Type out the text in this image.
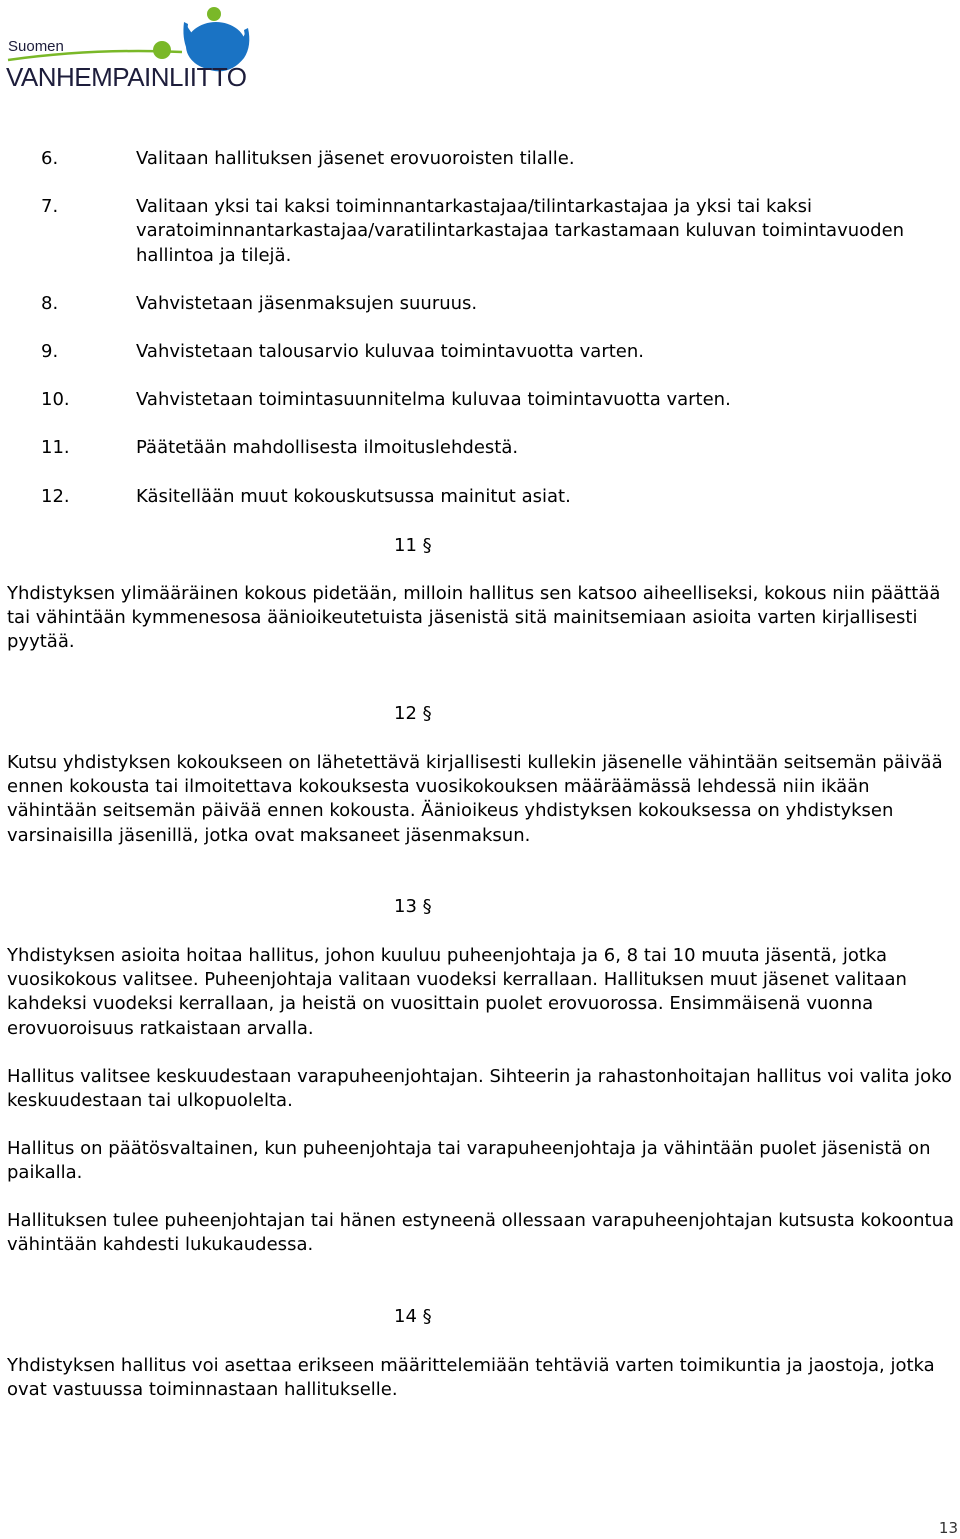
Suomen
VANHEMPAINLIITTO
6.	Valitaan hallituksen jäsenet erovuoroisten tilalle.
7.	Valitaan yksi tai kaksi toiminnantarkastajaa/tilintarkastajaa ja yksi tai kaksi varatoiminnantarkastajaa/varatilintarkastajaa tarkastamaan kuluvan toimintavuoden hallintoa ja tilejä.
8.	Vahvistetaan jäsenmaksujen suuruus.
9.	Vahvistetaan talousarvio kuluvaa toimintavuotta varten.
10.	Vahvistetaan toimintasuunnitelma kuluvaa toimintavuotta varten.
11.	Päätetään mahdollisesta ilmoituslehdestä.
12.	Käsitellään muut kokouskutsussa mainitut asiat.
11 §
Yhdistyksen ylimääräinen kokous pidetään, milloin hallitus sen katsoo aiheelliseksi, kokous niin päättää tai vähintään kymmenesosa äänioikeutetuista jäsenistä sitä mainitsemiaan asioita varten kirjallisesti pyytää.
12 §
Kutsu yhdistyksen kokoukseen on lähetettävä kirjallisesti kullekin jäsenelle vähintään seitsemän päivää ennen kokousta tai ilmoitettava kokouksesta vuosikokouksen määräämässä lehdessä niin ikään vähintään seitsemän päivää ennen kokousta. Äänioikeus yhdistyksen kokouksessa on yhdistyksen varsinaisilla jäsenillä, jotka ovat maksaneet jäsenmaksun.
13 §
Yhdistyksen asioita hoitaa hallitus, johon kuuluu puheenjohtaja ja 6, 8 tai 10 muuta jäsentä, jotka vuosikokous valitsee. Puheenjohtaja valitaan vuodeksi kerrallaan. Hallituksen muut jäsenet valitaan kahdeksi vuodeksi kerrallaan, ja heistä on vuosittain puolet erovuorossa. Ensimmäisenä vuonna erovuoroisuus ratkaistaan arvalla.
Hallitus valitsee keskuudestaan varapuheenjohtajan. Sihteerin ja rahastonhoitajan hallitus voi valita joko keskuudestaan tai ulkopuolelta.
Hallitus on päätösvaltainen, kun puheenjohtaja tai varapuheenjohtaja ja vähintään puolet jäsenistä on paikalla.
Hallituksen tulee puheenjohtajan tai hänen estyneenä ollessaan varapuheenjohtajan kutsusta kokoontua vähintään kahdesti lukukaudessa.
14 §
Yhdistyksen hallitus voi asettaa erikseen määrittelemiään tehtäviä varten toimikuntia ja jaostoja, jotka ovat vastuussa toiminnastaan hallitukselle.
13
